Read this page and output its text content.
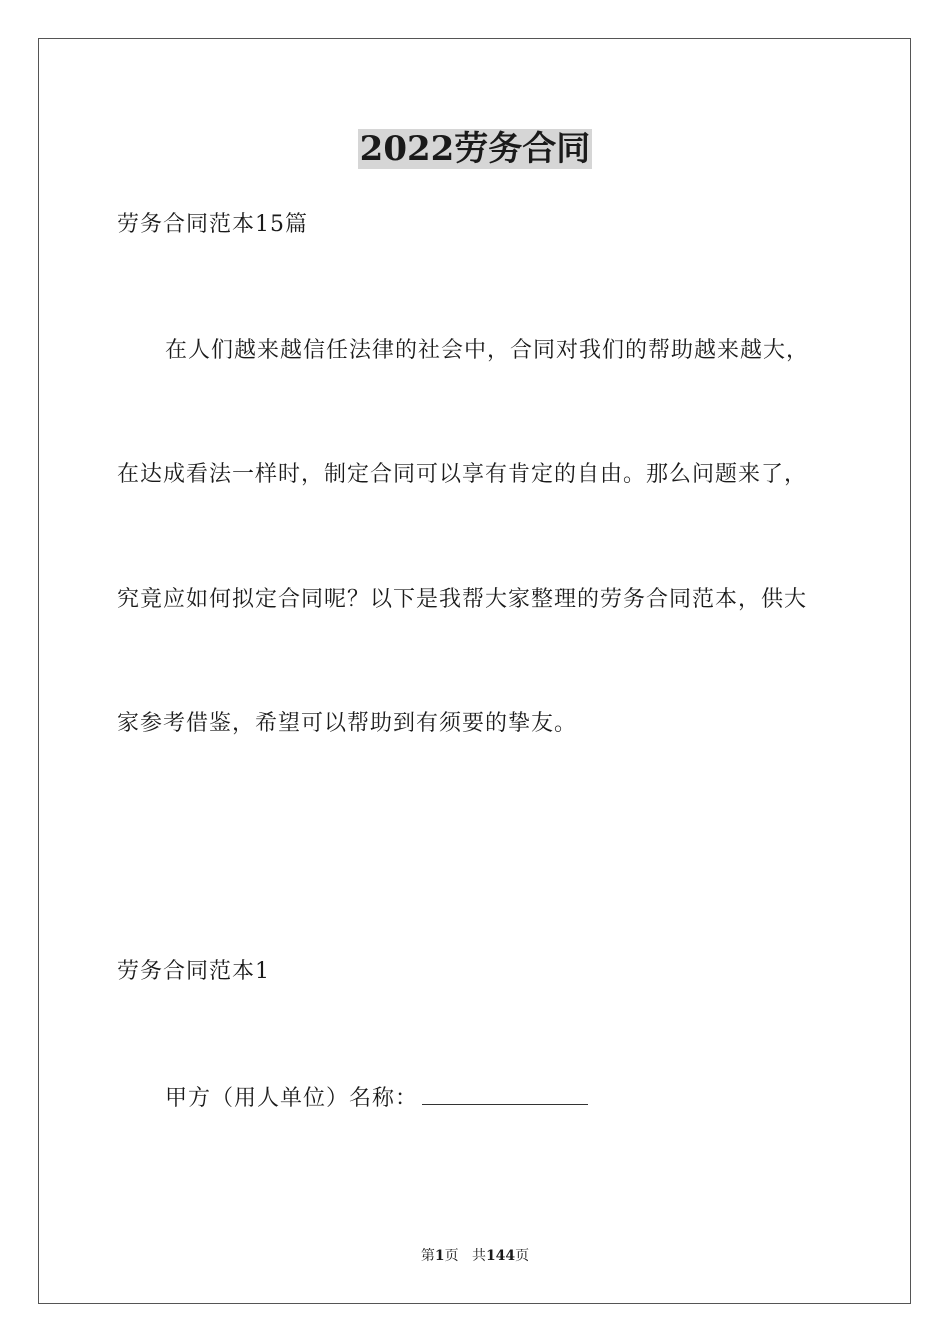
2022劳务合同
劳务合同范本15篇
在人们越来越信任法律的社会中，合同对我们的帮助越来越大，
在达成看法一样时，制定合同可以享有肯定的自由。那么问题来了，
究竟应如何拟定合同呢？以下是我帮大家整理的劳务合同范本，供大
家参考借鉴，希望可以帮助到有须要的挚友。
劳务合同范本1
甲方（用人单位）名称：
第1页 共144页
